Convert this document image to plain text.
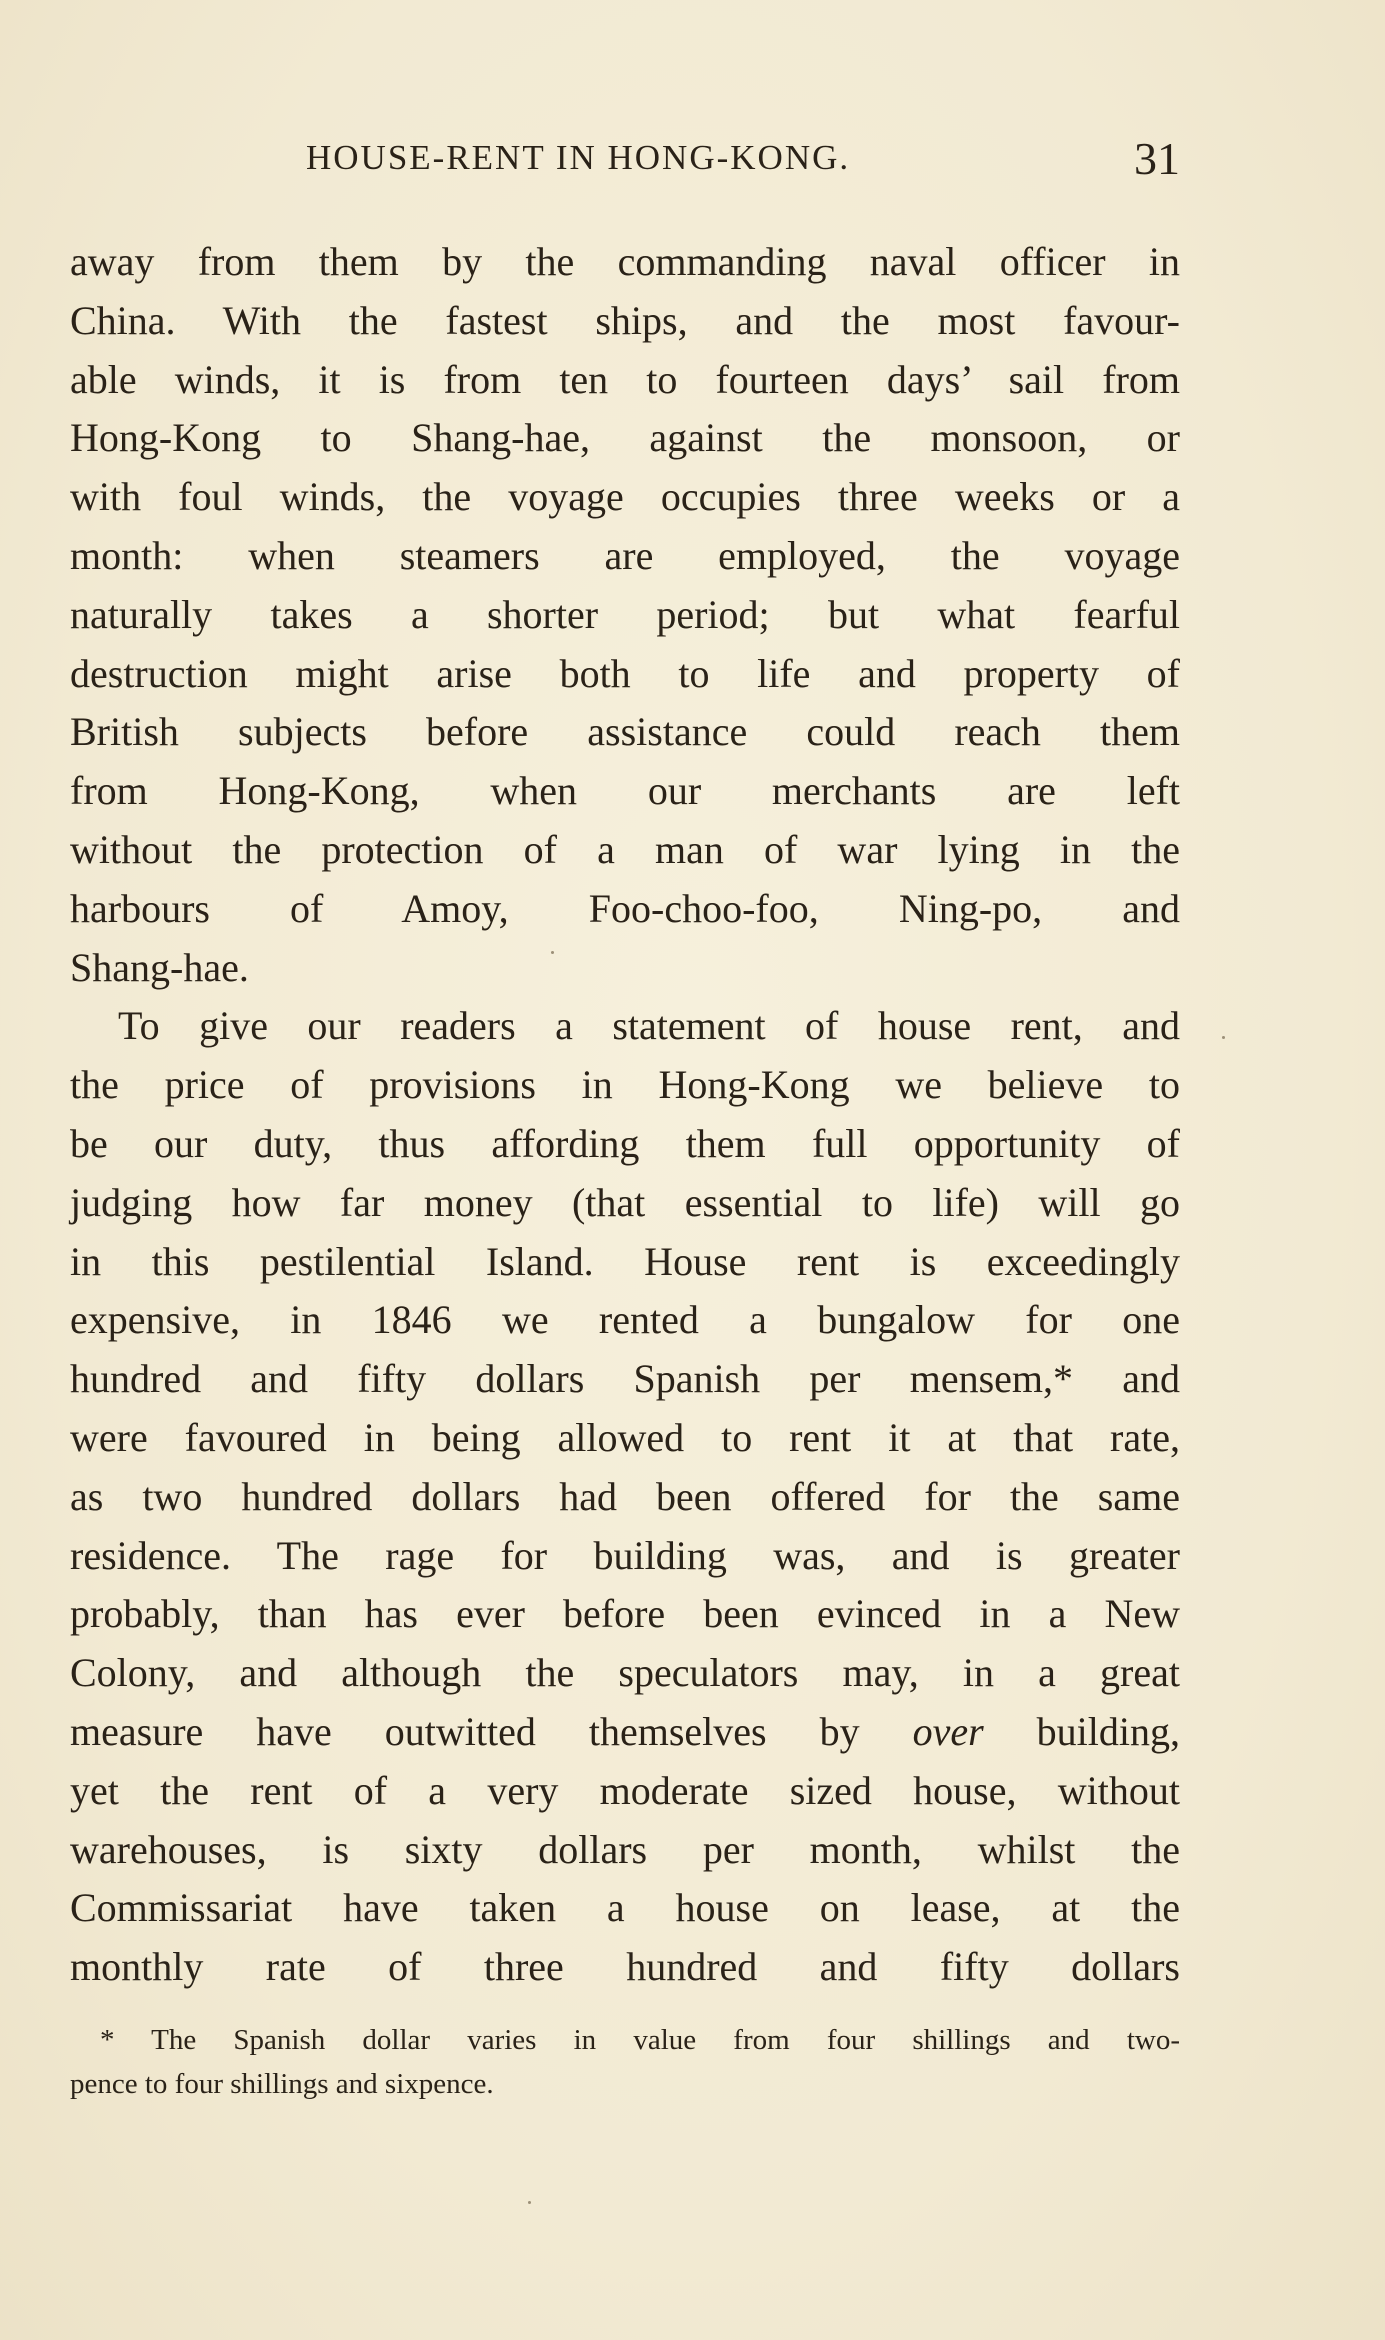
HOUSE-RENT IN HONG-KONG.	31
away from them by the commanding naval officer in
China. With the fastest ships, and the most favour-
able winds, it is from ten to fourteen days’ sail from
Hong-Kong to Shang-hae, against the monsoon, or
with foul winds, the voyage occupies three weeks or a
month: when steamers are employed, the voyage
naturally takes a shorter period; but what fearful
destruction might arise both to life and property of
British subjects before assistance could reach them
from Hong-Kong, when our merchants are left
without the protection of a man of war lying in the
harbours of Amoy, Foo-choo-foo, Ning-po, and
Shang-hae.
To give our readers a statement of house rent, and
the price of provisions in Hong-Kong we believe to
be our duty, thus affording them full opportunity of
judging how far money (that essential to life) will go
in this pestilential Island. House rent is exceedingly
expensive, in 1846 we rented a bungalow for one
hundred and fifty dollars Spanish per mensem,* and
were favoured in being allowed to rent it at that rate,
as two hundred dollars had been offered for the same
residence. The rage for building was, and is greater
probably, than has ever before been evinced in a New
Colony, and although the speculators may, in a great
measure have outwitted themselves by over building,
yet the rent of a very moderate sized house, without
warehouses, is sixty dollars per month, whilst the
Commissariat have taken a house on lease, at the
monthly rate of three hundred and fifty dollars
* The Spanish dollar varies in value from four shillings and two-
pence to four shillings and sixpence.
